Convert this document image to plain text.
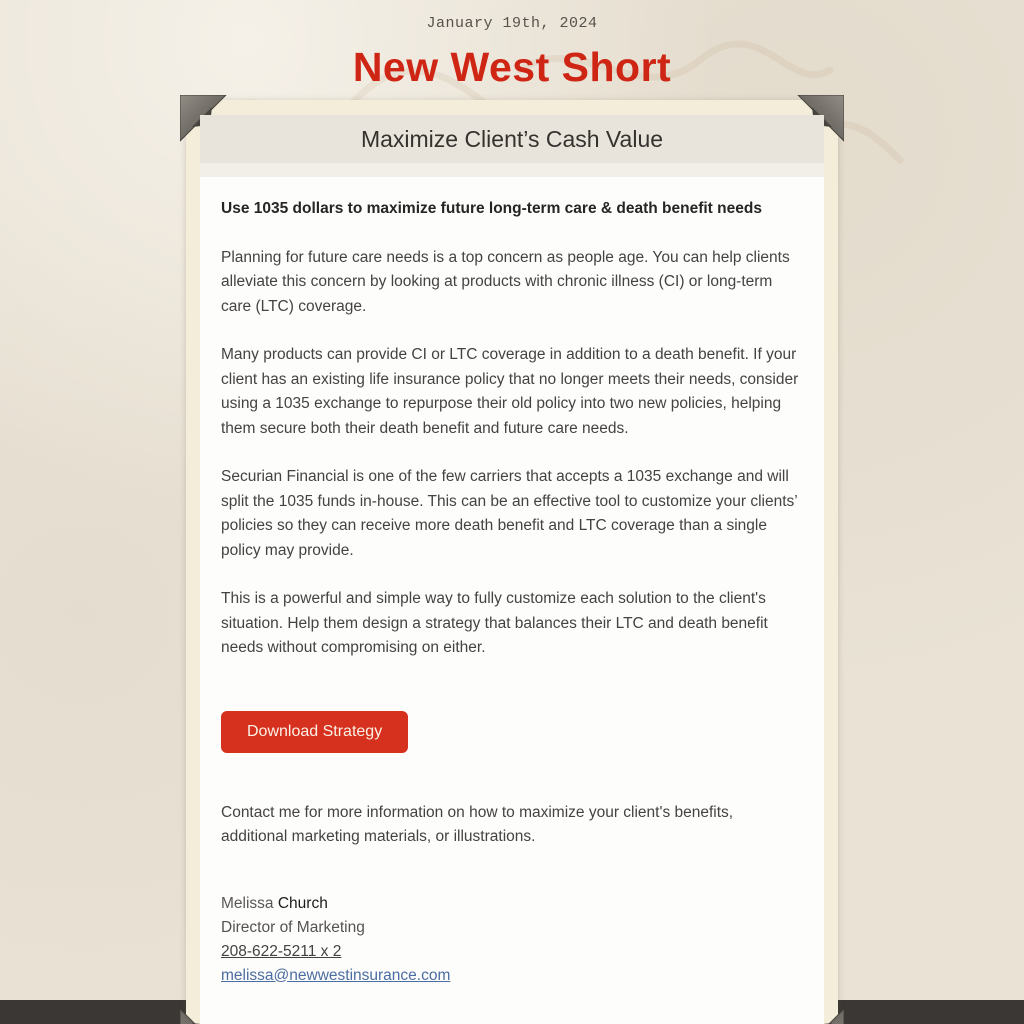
January 19th, 2024
New West Short
Maximize Client’s Cash Value

Use 1035 dollars to maximize future long-term care & death benefit needs

Planning for future care needs is a top concern as people age. You can help clients alleviate this concern by looking at products with chronic illness (CI) or long-term care (LTC) coverage.

Many products can provide CI or LTC coverage in addition to a death benefit. If your client has an existing life insurance policy that no longer meets their needs, consider using a 1035 exchange to repurpose their old policy into two new policies, helping them secure both their death benefit and future care needs.

Securian Financial is one of the few carriers that accepts a 1035 exchange and will split the 1035 funds in-house. This can be an effective tool to customize your clients’ policies so they can receive more death benefit and LTC coverage than a single policy may provide.

This is a powerful and simple way to fully customize each solution to the client's situation. Help them design a strategy that balances their LTC and death benefit needs without compromising on either.

Download Strategy

Contact me for more information on how to maximize your client's benefits, additional marketing materials, or illustrations.

Melissa Church

Director of Marketing

208-622-5211 x 2

melissa@newwestinsurance.com
